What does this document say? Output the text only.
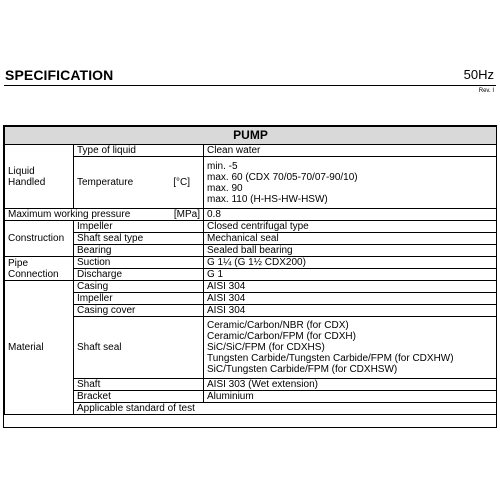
SPECIFICATION	50Hz
Rev. I
PUMP			

Liquid Handled	Type of liquid	Clean water	

	Temperature [°C]	min. -5
max. 60 (CDX 70/05-70/07-90/10)
max. 90
max. 110 (H-HS-HW-HSW)	

Maximum working pressure [MPa]		0.8	
Construction	Impeller	Closed centrifugal type	
	Shaft seal type	Mechanical seal	
	Bearing	Sealed ball bearing	

Pipe Connection	Suction	G 1¼ (G 1½ CDX200)	
	Discharge	G 1	
Material	Casing	AISI 304	
	Impeller	AISI 304	
	Casing cover	AISI 304	
	Shaft seal	Ceramic/Carbon/NBR (for CDX)
Ceramic/Carbon/FPM (for CDXH)
SiC/SiC/FPM (for CDXHS)
Tungsten Carbide/Tungsten Carbide/FPM (for CDXHW)
SiC/Tungsten Carbide/FPM (for CDXHSW)	

	Shaft	AISI 303 (Wet extension)	
	Bracket	Aluminium	
	Applicable standard of test	
